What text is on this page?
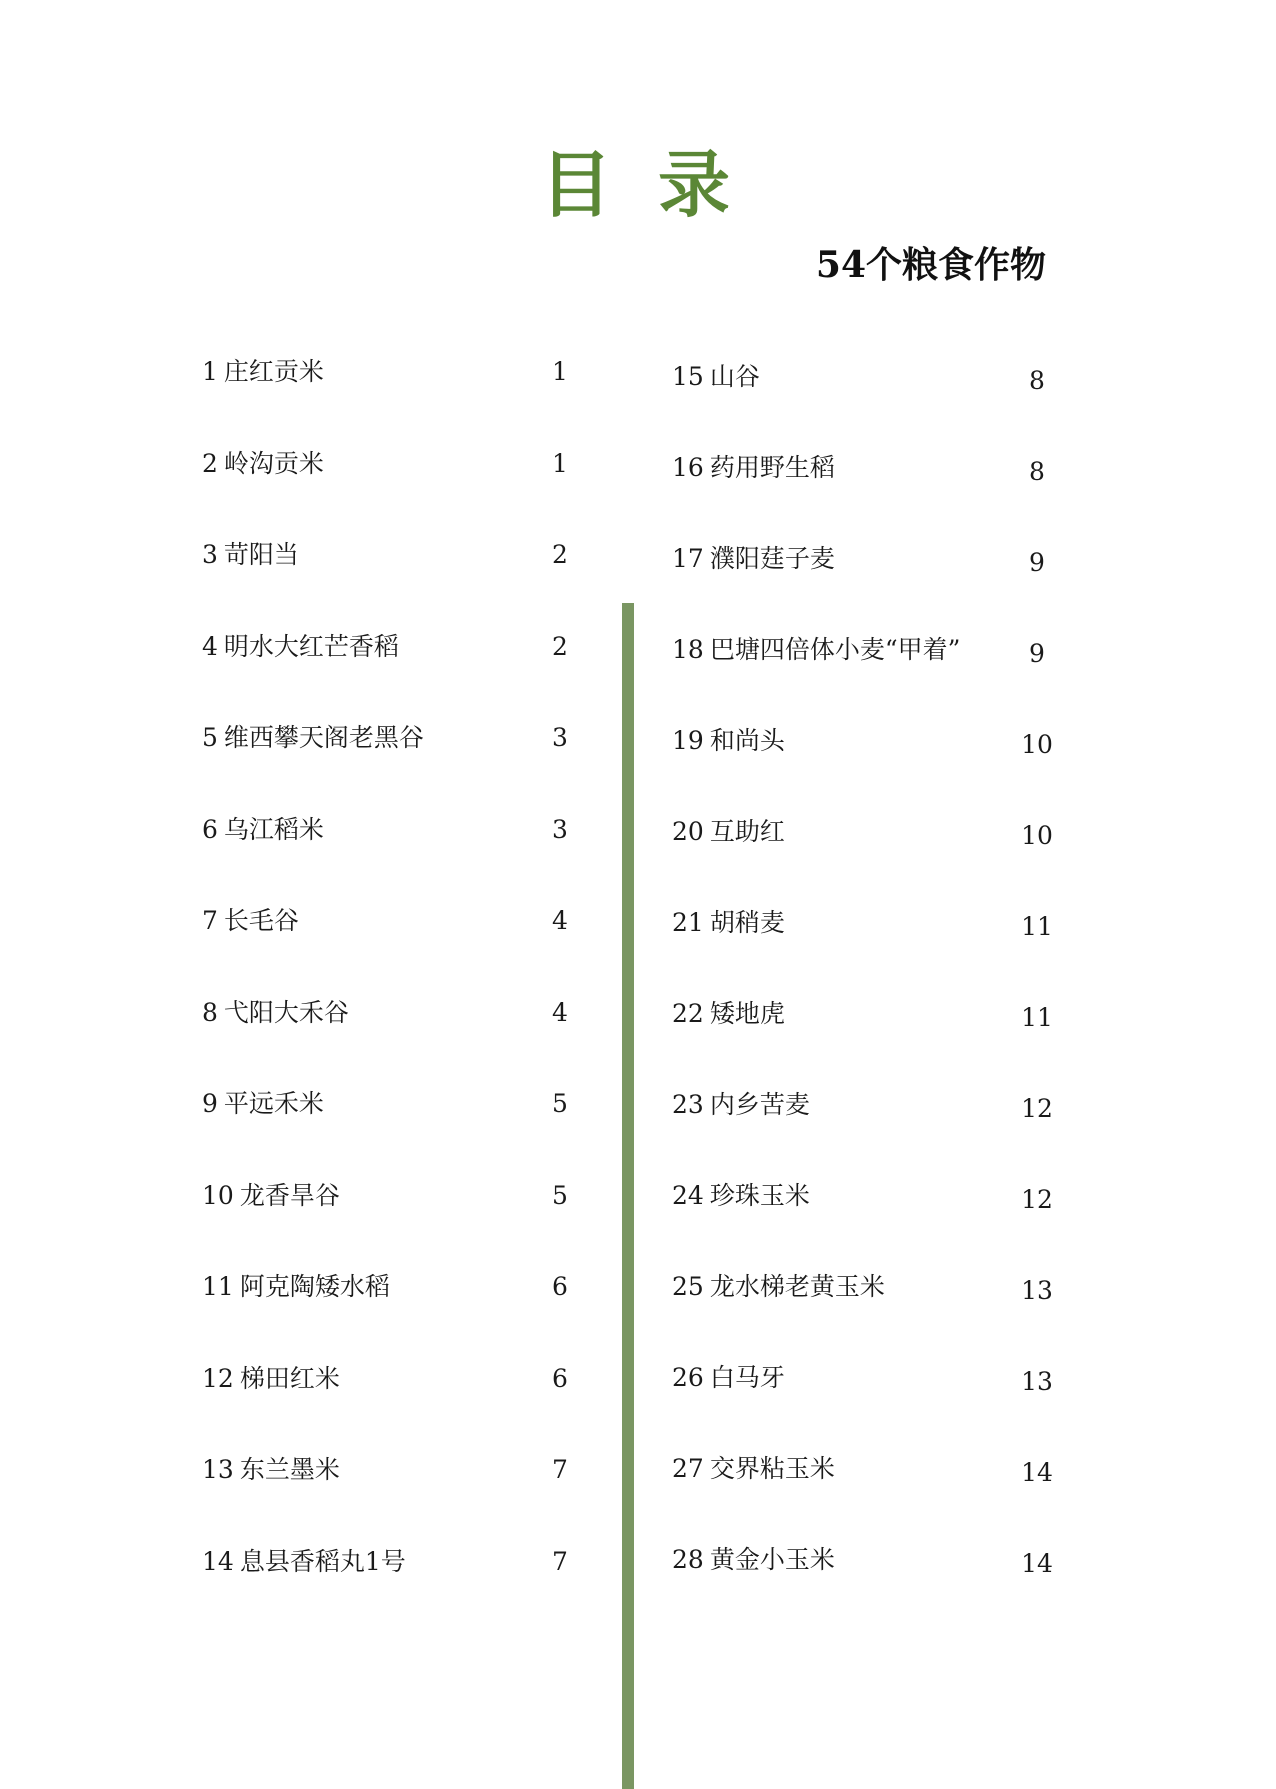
目 录
54个粮食作物
1 庄红贡米	1
2 岭沟贡米	1
3 苛阳当	2
4 明水大红芒香稻	2
5 维西攀天阁老黑谷	3
6 乌江稻米	3
7 长毛谷	4
8 弋阳大禾谷	4
9 平远禾米	5
10 龙香旱谷	5
11 阿克陶矮水稻	6
12 梯田红米	6
13 东兰墨米	7
14 息县香稻丸1号	7
15 山谷	8
16 药用野生稻	8
17 濮阳莛子麦	9
18 巴塘四倍体小麦“甲着”	9
19 和尚头	10
20 互助红	10
21 胡稍麦	11
22 矮地虎	11
23 内乡苦麦	12
24 珍珠玉米	12
25 龙水梯老黄玉米	13
26 白马牙	13
27 交界粘玉米	14
28 黄金小玉米	14
